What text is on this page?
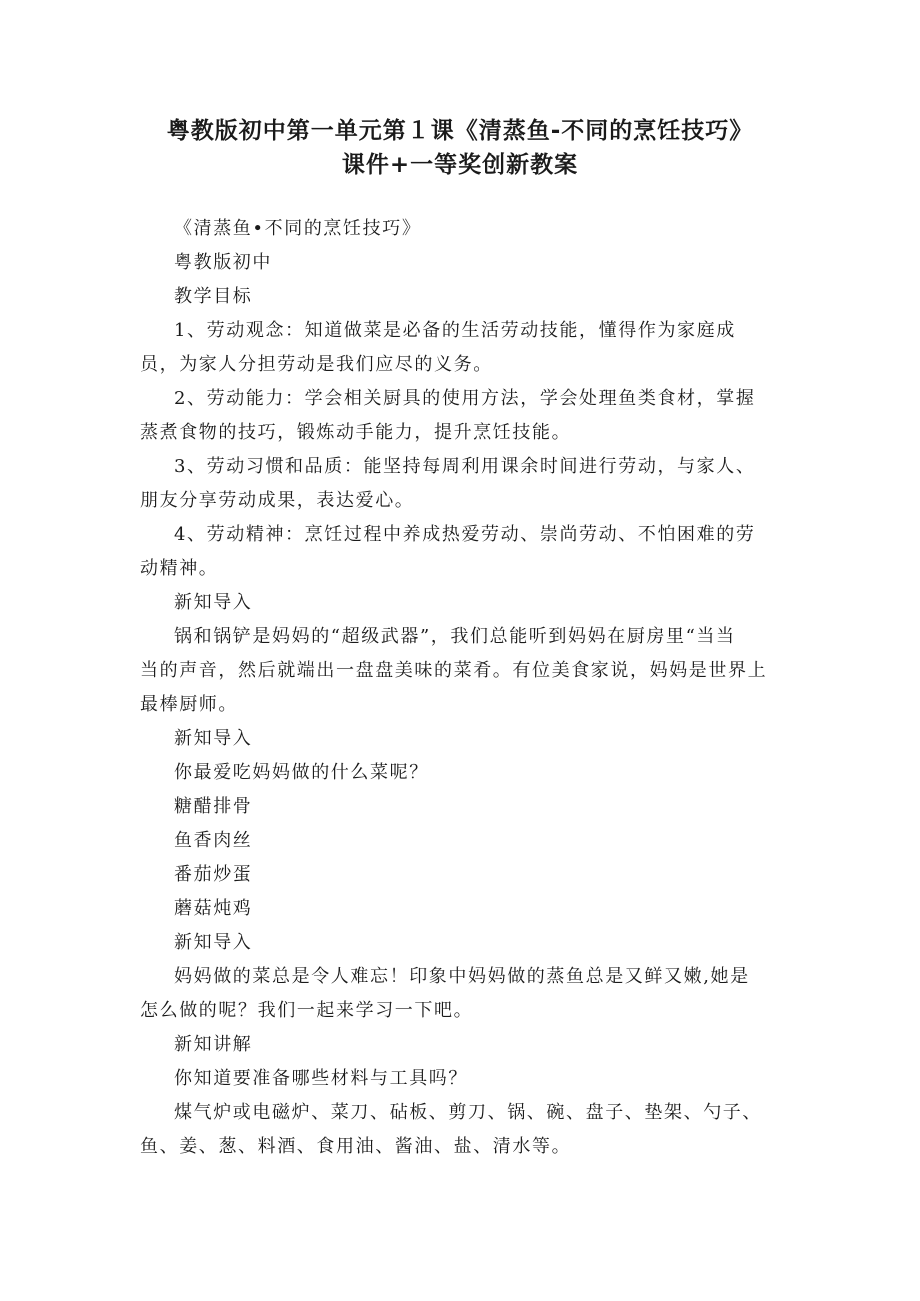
粤教版初中第一单元第１课《清蒸鱼-不同的烹饪技巧》
课件+一等奖创新教案

《清蒸鱼•不同的烹饪技巧》

粤教版初中

教学目标

1、劳动观念：知道做菜是必备的生活劳动技能，懂得作为家庭成

员，为家人分担劳动是我们应尽的义务。

2、劳动能力：学会相关厨具的使用方法，学会处理鱼类食材，掌握

蒸煮食物的技巧，锻炼动手能力，提升烹饪技能。

3、劳动习惯和品质：能坚持每周利用课余时间进行劳动，与家人、

朋友分享劳动成果，表达爱心。

4、劳动精神：烹饪过程中养成热爱劳动、崇尚劳动、不怕困难的劳

动精神。

新知导入

锅和锅铲是妈妈的“超级武器”，我们总能听到妈妈在厨房里“当当

当的声音，然后就端出一盘盘美味的菜肴。有位美食家说，妈妈是世界上

最棒厨师。

新知导入

你最爱吃妈妈做的什么菜呢？

糖醋排骨

鱼香肉丝

番茄炒蛋

蘑菇炖鸡

新知导入

妈妈做的菜总是令人难忘！印象中妈妈做的蒸鱼总是又鲜又嫩,她是

怎么做的呢？我们一起来学习一下吧。

新知讲解

你知道要准备哪些材料与工具吗？

煤气炉或电磁炉、菜刀、砧板、剪刀、锅、碗、盘子、垫架、勺子、

鱼、姜、葱、料酒、食用油、酱油、盐、清水等。
